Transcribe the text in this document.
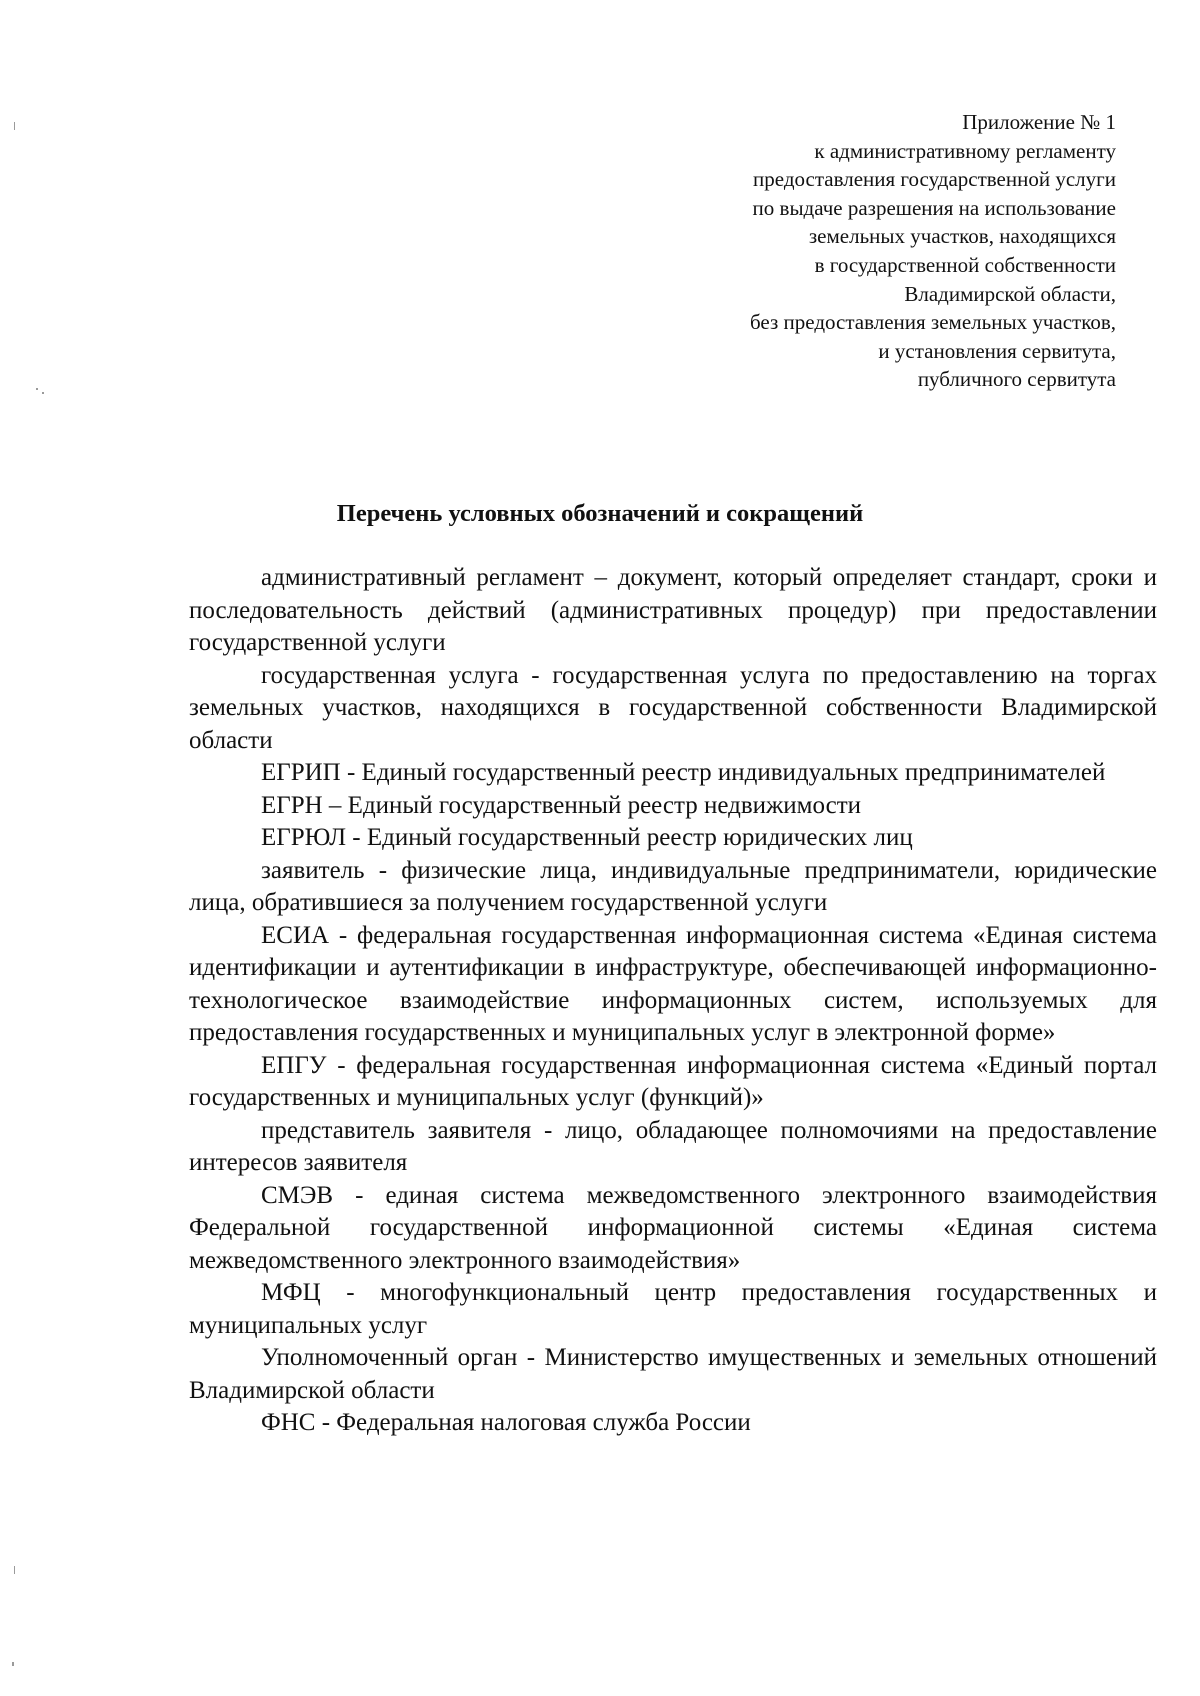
Приложение № 1
к административному регламенту
предоставления государственной услуги
по выдаче разрешения на использование
земельных участков, находящихся
в государственной собственности
Владимирской области,
без предоставления земельных участков,
и установления сервитута,
публичного сервитута
Перечень условных обозначений и сокращений

административный регламент – документ, который определяет стандарт, сроки и последовательность действий (административных процедур) при предоставлении государственной услуги

государственная услуга - государственная услуга по предоставлению на торгах земельных участков, находящихся в государственной собственности Владимирской области

ЕГРИП - Единый государственный реестр индивидуальных предпринимателей

ЕГРН – Единый государственный реестр недвижимости

ЕГРЮЛ - Единый государственный реестр юридических лиц

заявитель - физические лица, индивидуальные предприниматели, юридические лица, обратившиеся за получением государственной услуги

ЕСИА - федеральная государственная информационная система «Единая система идентификации и аутентификации в инфраструктуре, обеспечивающей информационно-технологическое взаимодействие информационных систем, используемых для предоставления государственных и муниципальных услуг в электронной форме»

ЕПГУ - федеральная государственная информационная система «Единый портал государственных и муниципальных услуг (функций)»

представитель заявителя - лицо, обладающее полномочиями на предоставление интересов заявителя

СМЭВ - единая система межведомственного электронного взаимодействия Федеральной государственной информационной системы «Единая система межведомственного электронного взаимодействия»

МФЦ - многофункциональный центр предоставления государственных и муниципальных услуг

Уполномоченный орган - Министерство имущественных и земельных отношений Владимирской области

ФНС - Федеральная налоговая служба России
